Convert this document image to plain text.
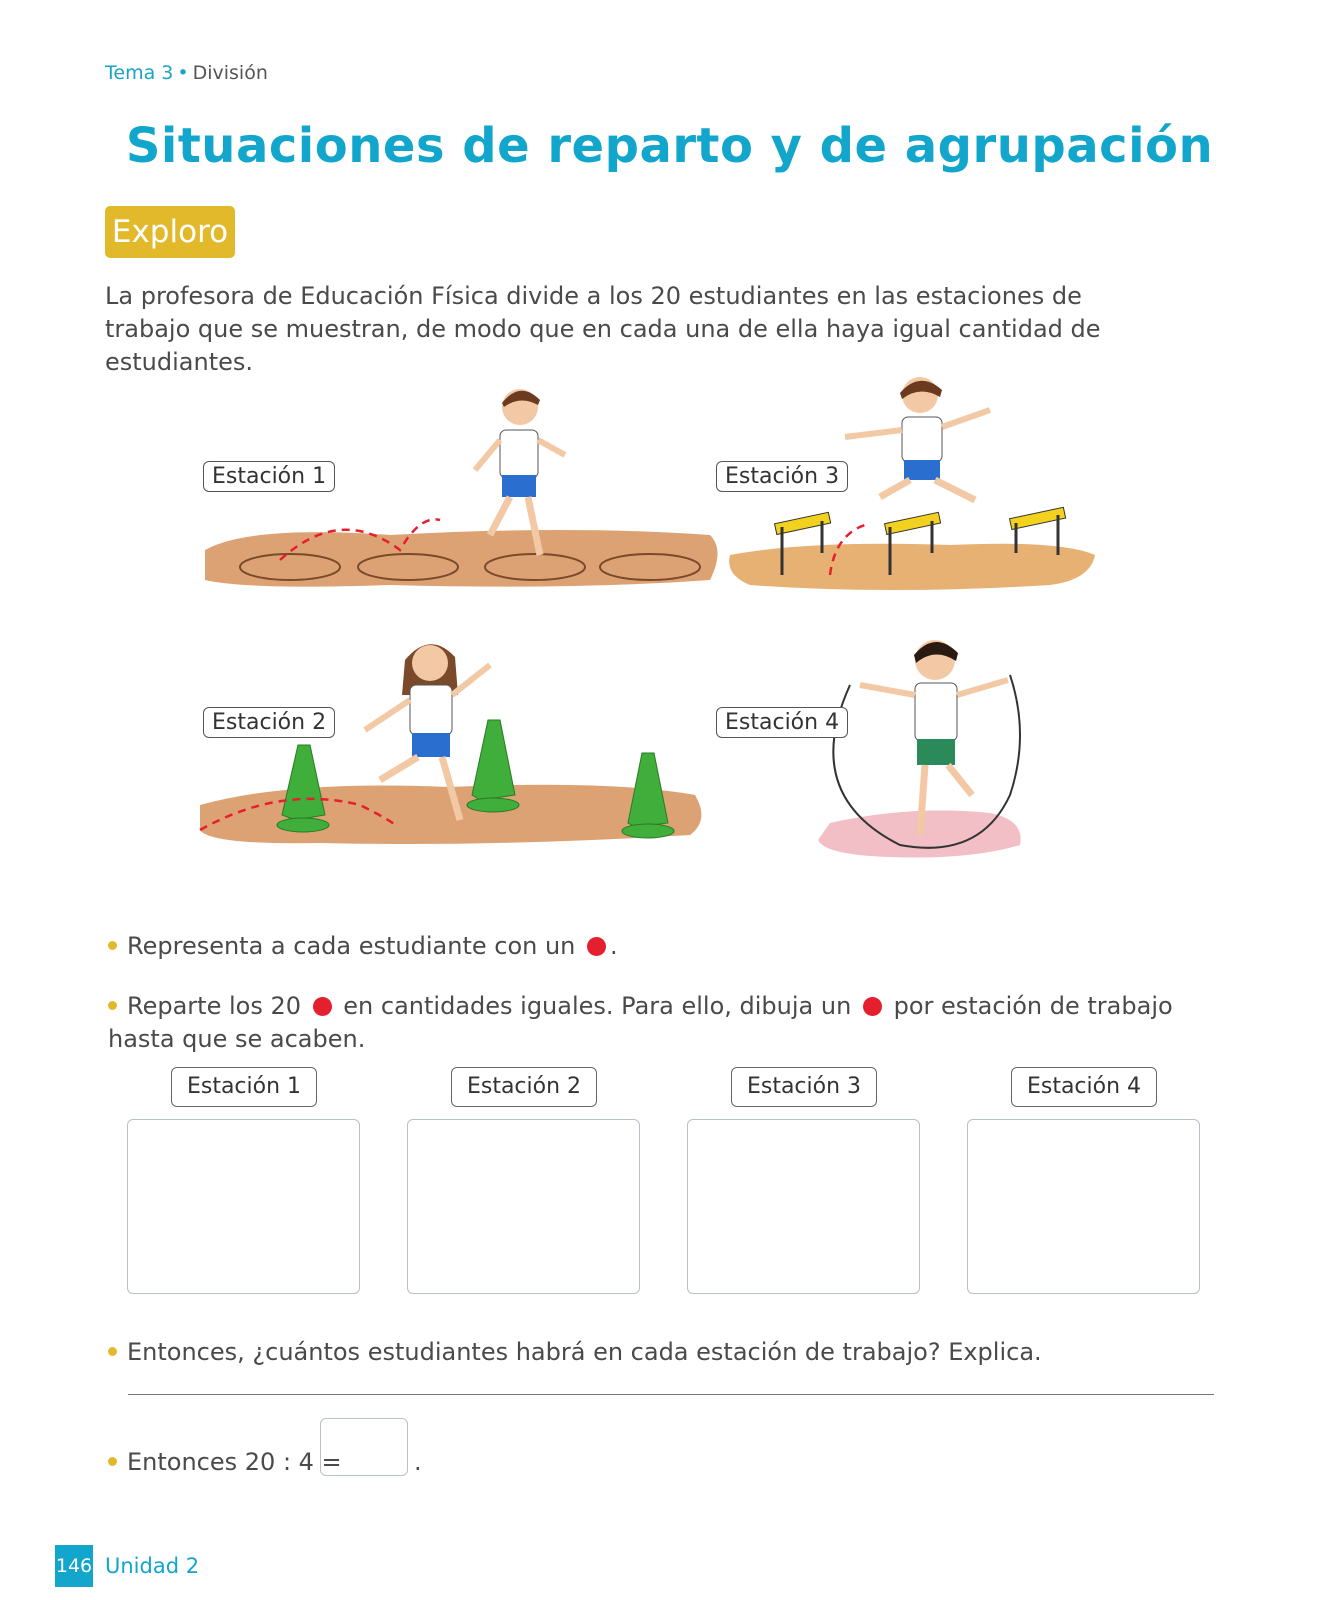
Tema 3 • División
Situaciones de reparto y de agrupación
Exploro
La profesora de Educación Física divide a los 20 estudiantes en las estaciones de trabajo que se muestran, de modo que en cada una de ella haya igual cantidad de estudiantes.
Estación 1	Estación 3
Estación 2	Estación 4
Representa a cada estudiante con un .
Reparte los 20 en cantidades iguales. Para ello, dibuja un por estación de trabajo hasta que se acaben.
Estación 1	Estación 2	Estación 3	Estación 4
Entonces, ¿cuántos estudiantes habrá en cada estación de trabajo? Explica.
Entonces 20 : 4 =	.
146 Unidad 2
